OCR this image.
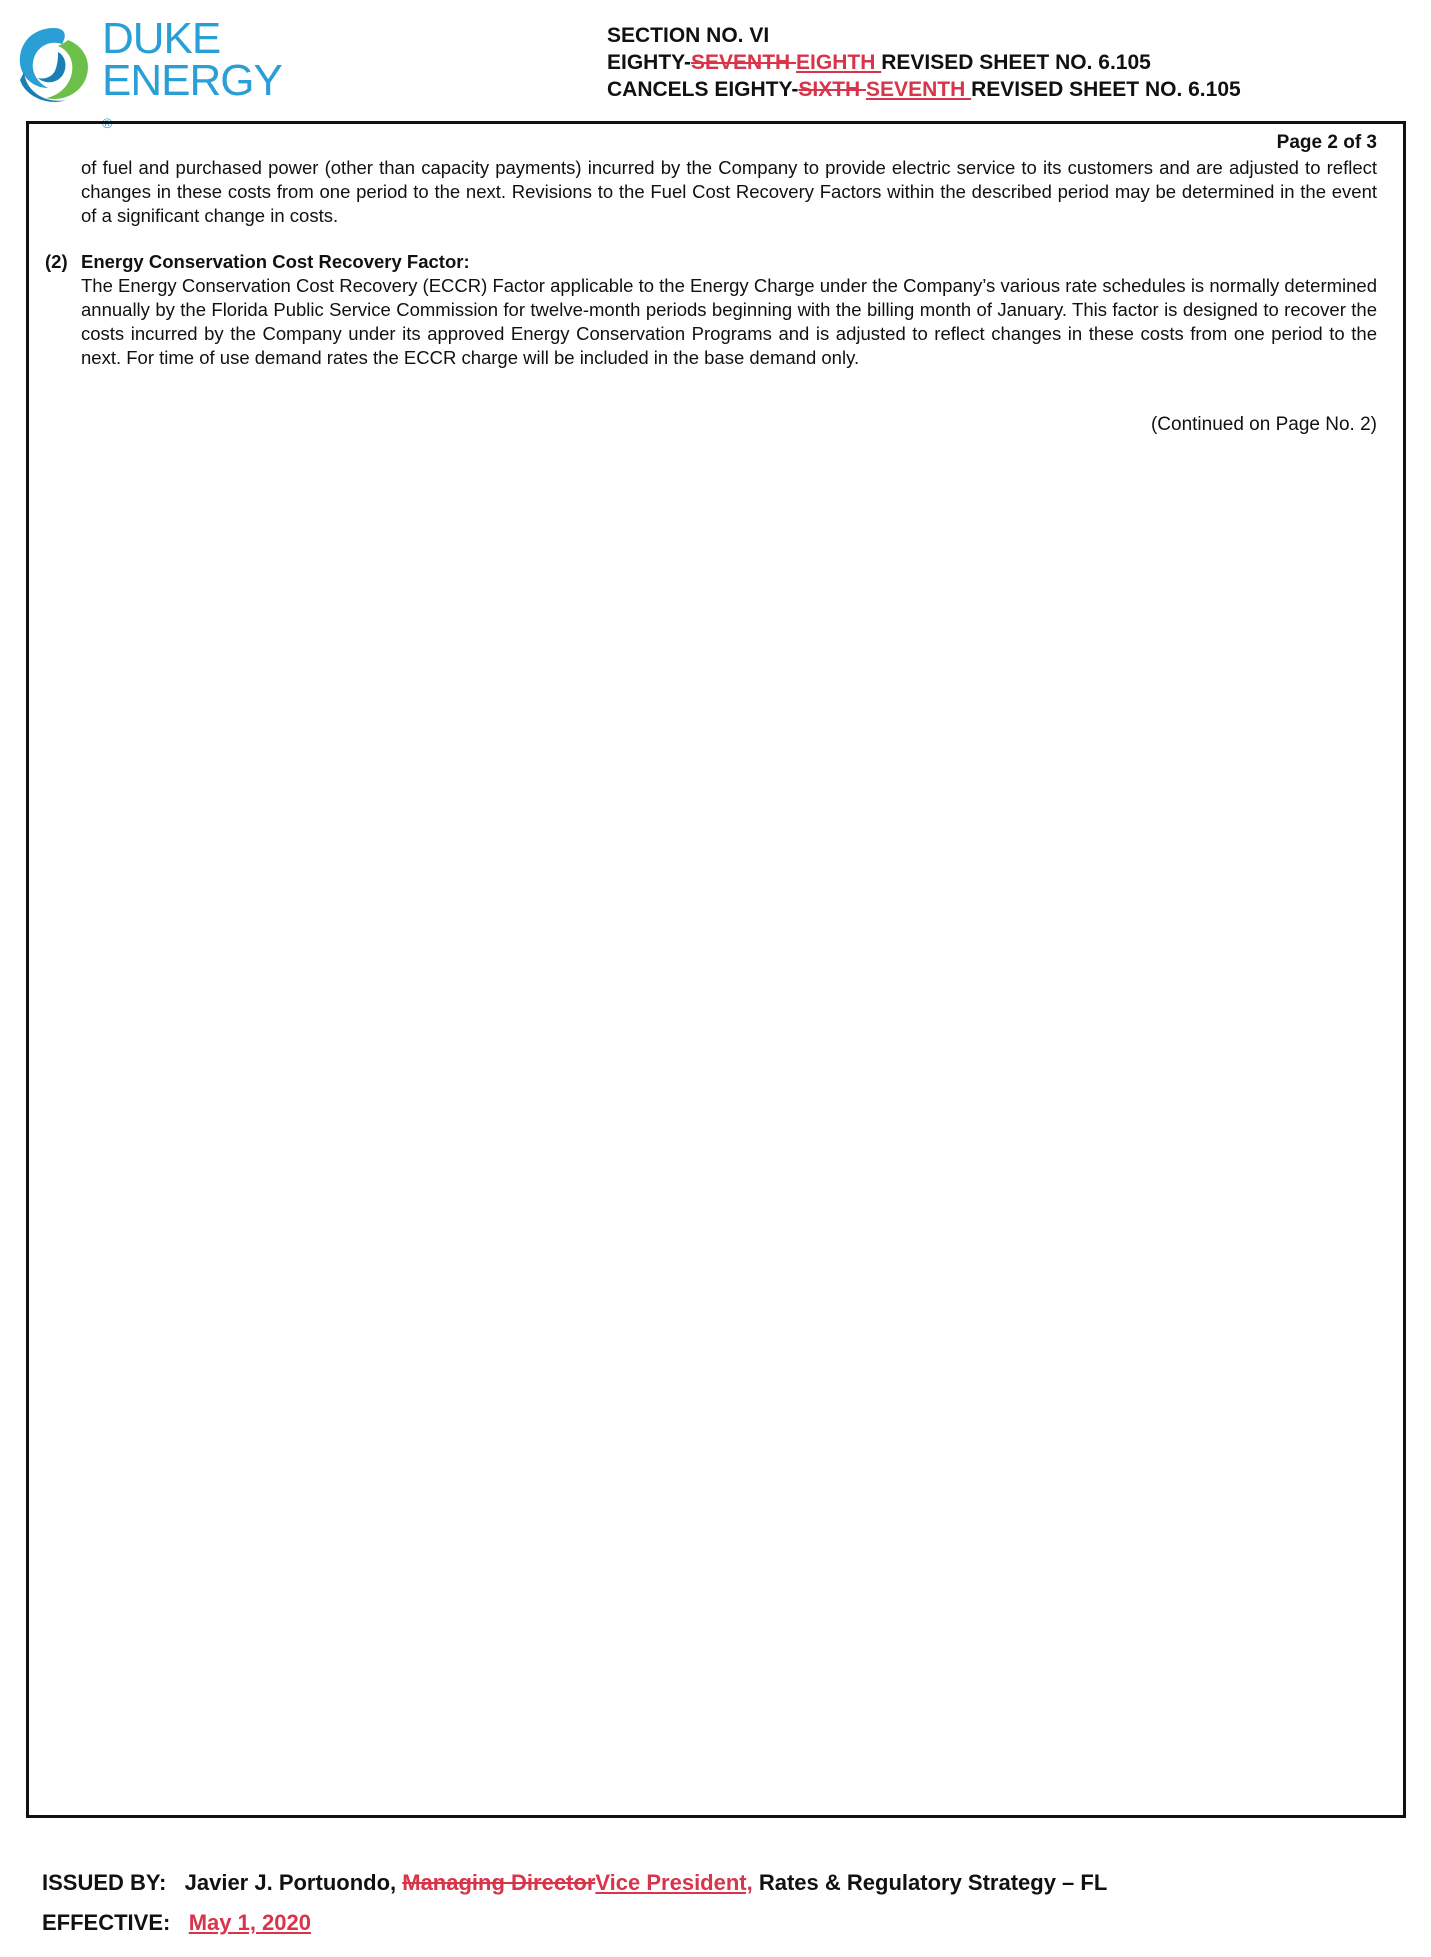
DUKE
ENERGY
®
SECTION NO. VI
EIGHTY-SEVENTH EIGHTH REVISED SHEET NO. 6.105
CANCELS EIGHTY-SIXTH SEVENTH REVISED SHEET NO. 6.105
Page 2 of 3
of fuel and purchased power (other than capacity payments) incurred by the Company to provide electric service to its customers and are adjusted to reflect changes in these costs from one period to the next. Revisions to the Fuel Cost Recovery Factors within the described period may be determined in the event of a significant change in costs.
(2) Energy Conservation Cost Recovery Factor:
The Energy Conservation Cost Recovery (ECCR) Factor applicable to the Energy Charge under the Company’s various rate schedules is normally determined annually by the Florida Public Service Commission for twelve-month periods beginning with the billing month of January. This factor is designed to recover the costs incurred by the Company under its approved Energy Conservation Programs and is adjusted to reflect changes in these costs from one period to the next. For time of use demand rates the ECCR charge will be included in the base demand only.
(Continued on Page No. 2)
ISSUED BY: Javier J. Portuondo, Managing DirectorVice President, Rates & Regulatory Strategy – FL
EFFECTIVE: May 1, 2020
